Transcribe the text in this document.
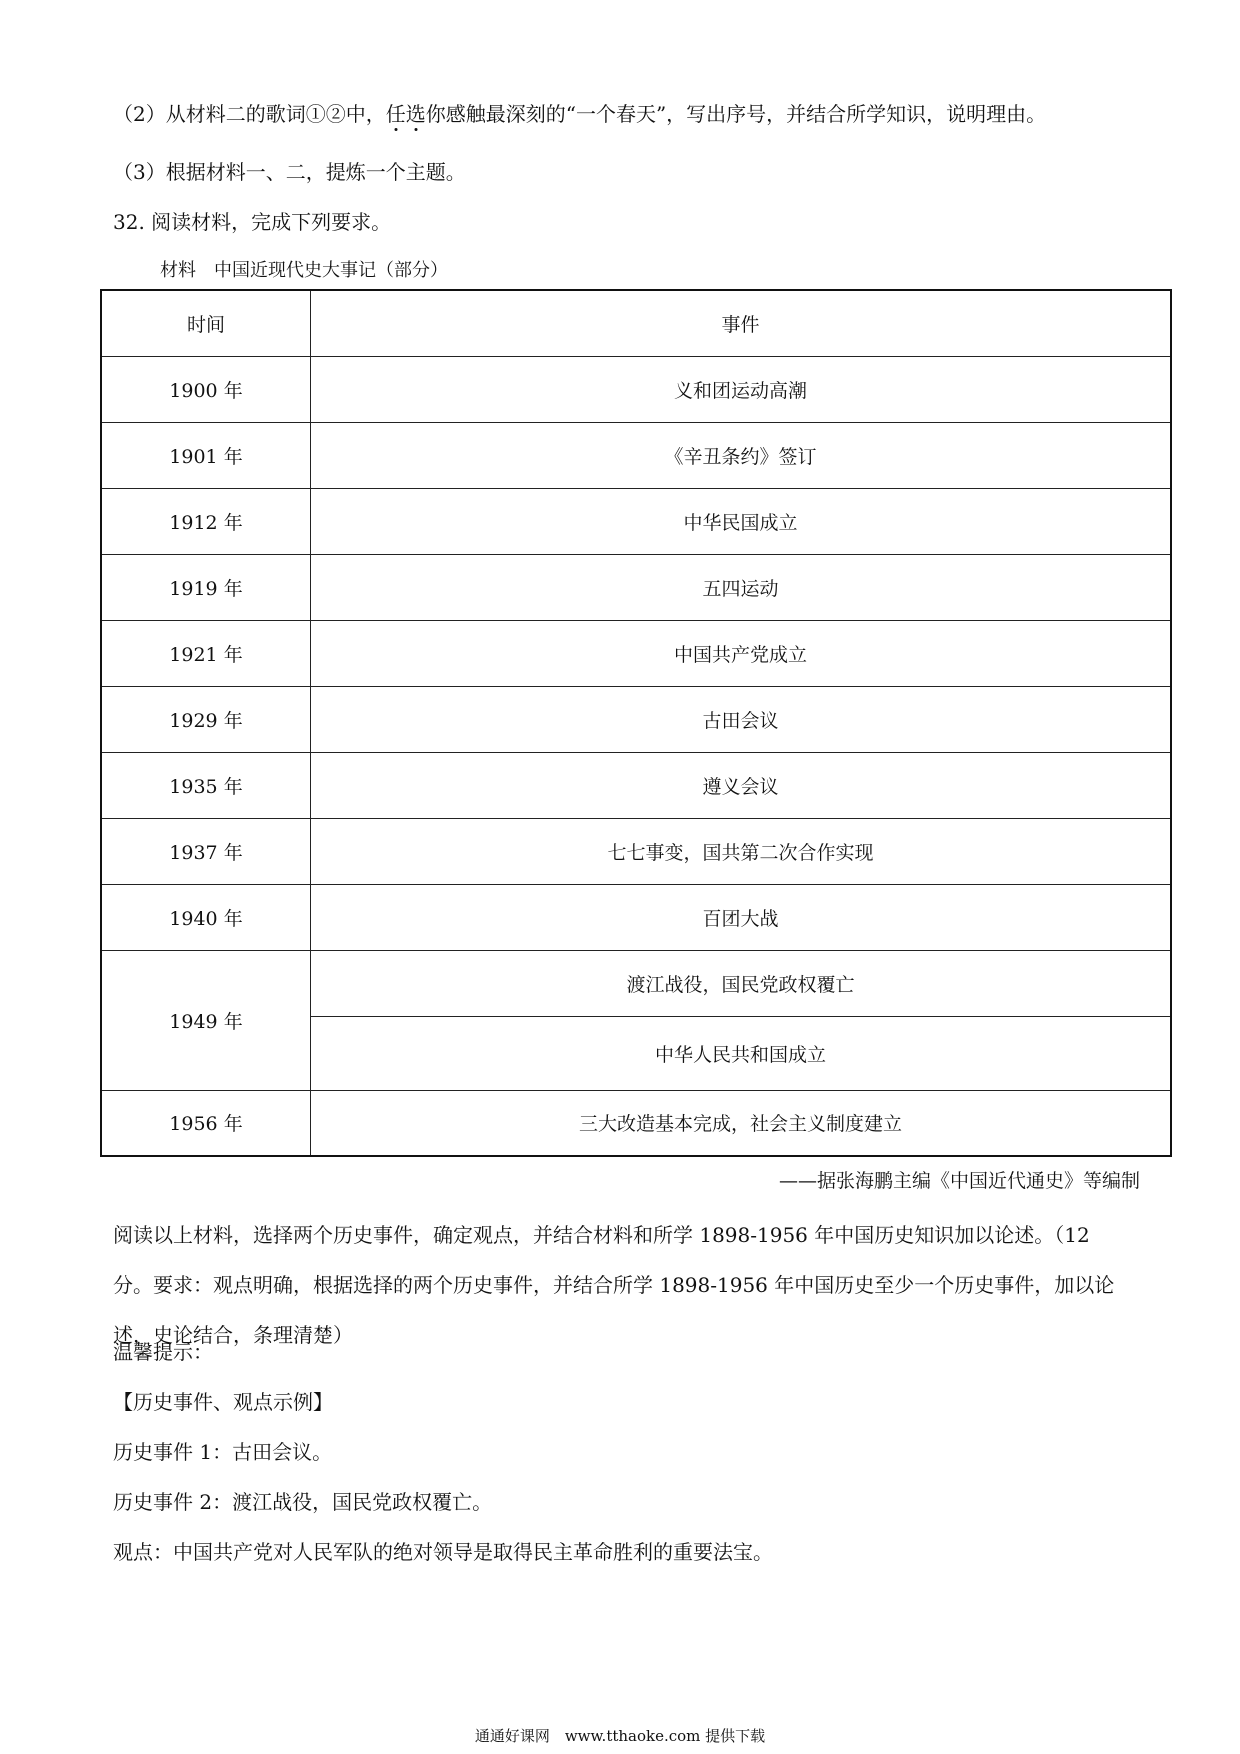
（2）从材料二的歌词①②中，任选你感触最深刻的“一个春天”，写出序号，并结合所学知识，说明理由。
（3）根据材料一、二，提炼一个主题。
32. 阅读材料，完成下列要求。
材料　中国近现代史大事记（部分）
时间	事件
1900 年	义和团运动高潮
1901 年	《辛丑条约》签订
1912 年	中华民国成立
1919 年	五四运动
1921 年	中国共产党成立
1929 年	古田会议
1935 年	遵义会议
1937 年	七七事变，国共第二次合作实现
1940 年	百团大战
1949 年	渡江战役，国民党政权覆亡
	中华人民共和国成立
1956 年	三大改造基本完成，社会主义制度建立
——据张海鹏主编《中国近代通史》等编制
阅读以上材料，选择两个历史事件，确定观点，并结合材料和所学 1898-1956 年中国历史知识加以论述。（12 分。要求：观点明确，根据选择的两个历史事件，并结合所学 1898-1956 年中国历史至少一个历史事件，加以论述，史论结合，条理清楚）
温馨提示：
【历史事件、观点示例】
历史事件 1：古田会议。
历史事件 2：渡江战役，国民党政权覆亡。
观点：中国共产党对人民军队的绝对领导是取得民主革命胜利的重要法宝。
通通好课网　www.tthaoke.com 提供下载
